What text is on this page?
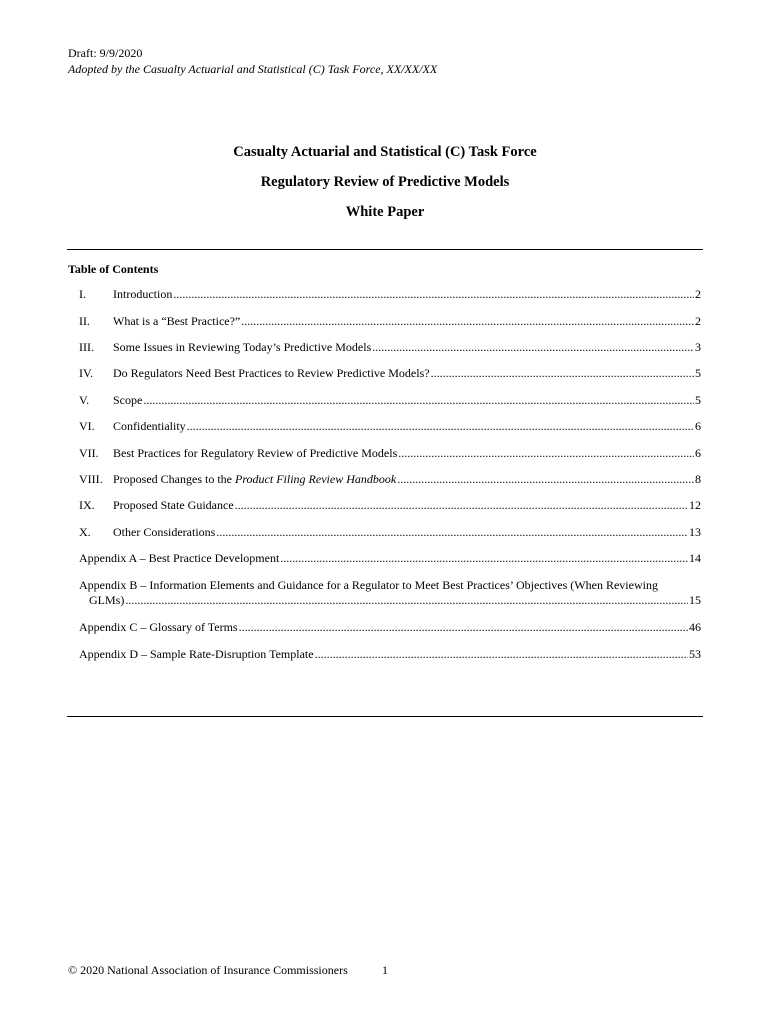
Draft: 9/9/2020
Adopted by the Casualty Actuarial and Statistical (C) Task Force, XX/XX/XX
Casualty Actuarial and Statistical (C) Task Force
Regulatory Review of Predictive Models
White Paper
Table of Contents
I.	Introduction .....	2
II.	What is a “Best Practice?” .....	2
III.	Some Issues in Reviewing Today’s Predictive Models .....	3
IV.	Do Regulators Need Best Practices to Review Predictive Models? .....	5
V.	Scope .....	5
VI.	Confidentiality .....	6
VII.	Best Practices for Regulatory Review of Predictive Models .....	6
VIII. Proposed Changes to the Product Filing Review Handbook .....	8
IX.	Proposed State Guidance .....	12
X.	Other Considerations .....	13
Appendix A – Best Practice Development .....	14
Appendix B – Information Elements and Guidance for a Regulator to Meet Best Practices’ Objectives (When Reviewing
GLMs) .....	15
Appendix C – Glossary of Terms .....	46
Appendix D – Sample Rate-Disruption Template .....	53
© 2020 National Association of Insurance Commissioners	1
